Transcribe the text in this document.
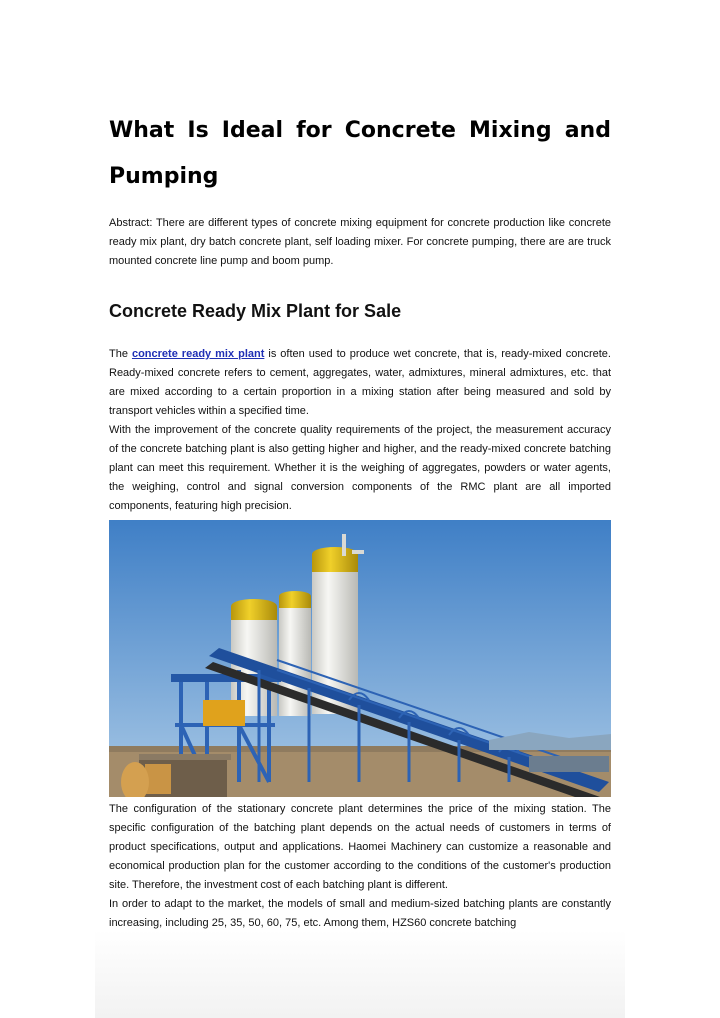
What Is Ideal for Concrete Mixing and
Pumping

Abstract: There are different types of concrete mixing equipment for concrete production like concrete ready mix plant, dry batch concrete plant, self loading mixer. For concrete pumping, there are are truck mounted concrete line pump and boom pump.

Concrete Ready Mix Plant for Sale

The concrete ready mix plant is often used to produce wet concrete, that is, ready-mixed concrete. Ready-mixed concrete refers to cement, aggregates, water, admixtures, mineral admixtures, etc. that are mixed according to a certain proportion in a mixing station after being measured and sold by transport vehicles within a specified time.

With the improvement of the concrete quality requirements of the project, the measurement accuracy of the concrete batching plant is also getting higher and higher, and the ready-mixed concrete batching plant can meet this requirement. Whether it is the weighing of aggregates, powders or water agents, the weighing, control and signal conversion components of the RMC plant are all imported components, featuring high precision.

The configuration of the stationary concrete plant determines the price of the mixing station. The specific configuration of the batching plant depends on the actual needs of customers in terms of product specifications, output and applications. Haomei Machinery can customize a reasonable and economical production plan for the customer according to the conditions of the customer's production site. Therefore, the investment cost of each batching plant is different.

In order to adapt to the market, the models of small and medium-sized batching plants are constantly increasing, including 25, 35, 50, 60, 75, etc. Among them, HZS60 concrete batching
